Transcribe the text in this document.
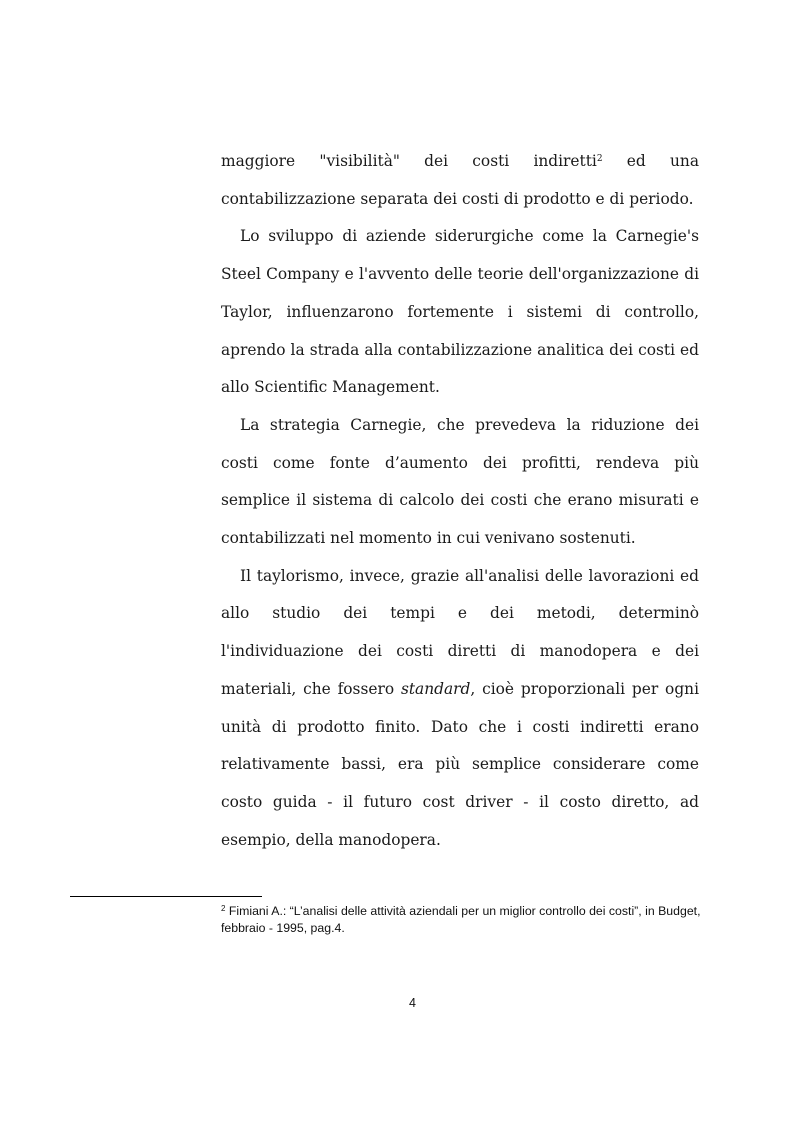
maggiore "visibilità" dei costi indiretti$^2$ ed una contabilizzazione separata dei costi di prodotto e di periodo.

Lo sviluppo di aziende siderurgiche come la Carnegie's Steel Company e l'avvento delle teorie dell'organizzazione di Taylor, influenzarono fortemente i sistemi di controllo, aprendo la strada alla contabilizzazione analitica dei costi ed allo Scientific Management.

La strategia Carnegie, che prevedeva la riduzione dei costi come fonte d’aumento dei profitti, rendeva più semplice il sistema di calcolo dei costi che erano misurati e contabilizzati nel momento in cui venivano sostenuti.

Il taylorismo, invece, grazie all'analisi delle lavorazioni ed allo studio dei tempi e dei metodi, determinò l'individuazione dei costi diretti di manodopera e dei materiali, che fossero standard, cioè proporzionali per ogni unità di prodotto finito. Dato che i costi indiretti erano relativamente bassi, era più semplice considerare come costo guida - il futuro cost driver - il costo diretto, ad esempio, della manodopera.

$^2$ Fimiani A.: “L’analisi delle attività aziendali per un miglior controllo dei costi”, in Budget, febbraio - 1995, pag.4.
4
